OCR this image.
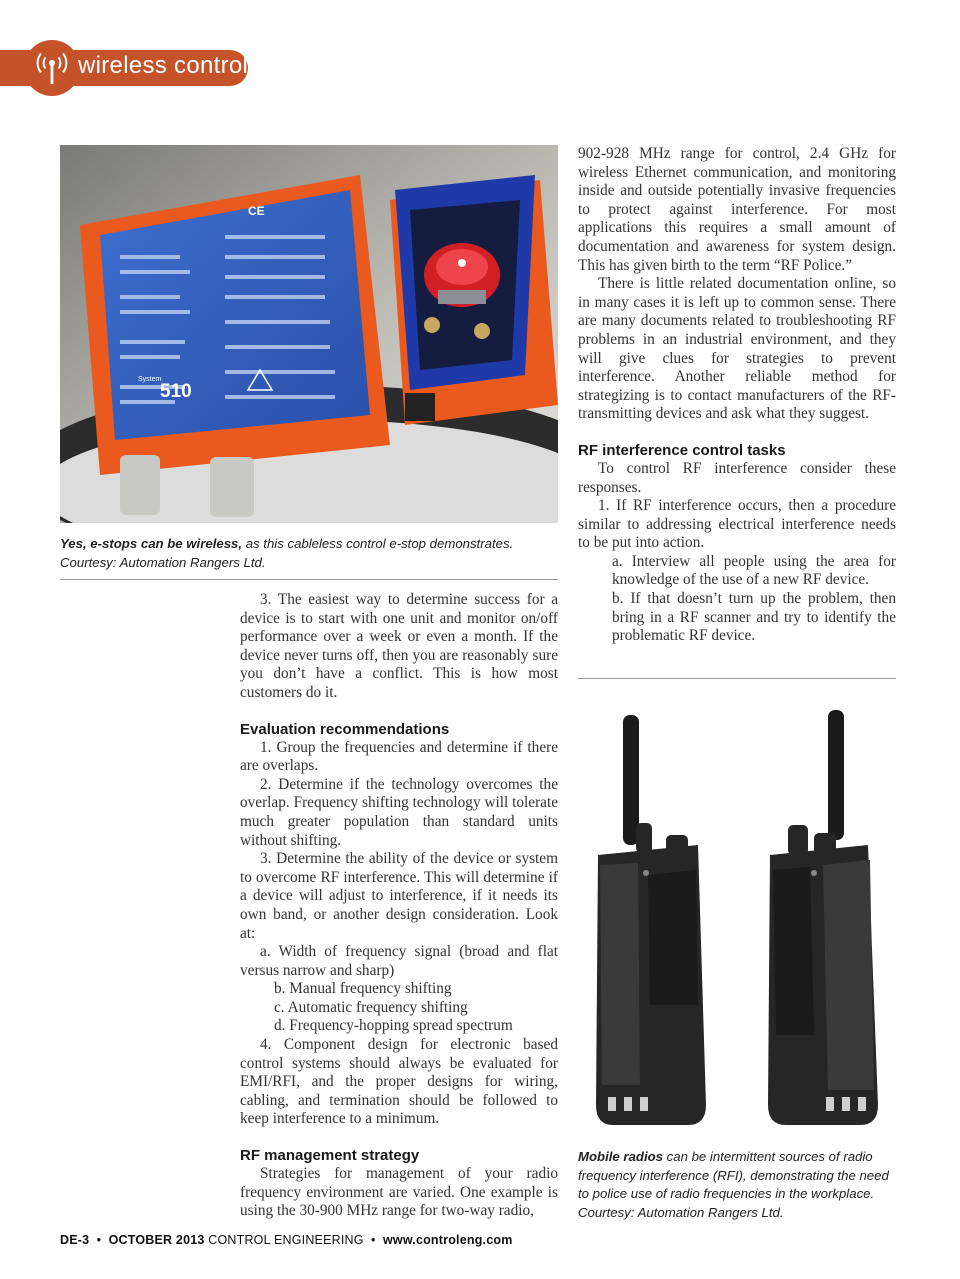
wireless control
510
System
CE
Yes, e-stops can be wireless, as this cableless control e-stop demonstrates. Courtesy: Automation Rangers Ltd.

3. The easiest way to determine success for a device is to start with one unit and monitor on/off performance over a week or even a month. If the device never turns off, then you are reasonably sure you don’t have a conflict. This is how most customers do it.

Evaluation recommendations

1. Group the frequencies and determine if there are overlaps.

2. Determine if the technology overcomes the overlap. Frequency shifting technology will tolerate much greater population than standard units without shifting.

3. Determine the ability of the device or system to overcome RF interference. This will determine if a device will adjust to interference, if it needs its own band, or another design consideration. Look at:

a. Width of frequency signal (broad and flat versus narrow and sharp)

b. Manual frequency shifting

c. Automatic frequency shifting

d. Frequency-hopping spread spectrum

4. Component design for electronic based control systems should always be evaluated for EMI/RFI, and the proper designs for wiring, cabling, and termination should be followed to keep interference to a minimum.

RF management strategy

Strategies for management of your radio frequency environment are varied. One example is using the 30-900 MHz range for two-way radio,

902-928 MHz range for control, 2.4 GHz for wireless Ethernet communication, and monitoring inside and outside potentially invasive frequencies to protect against interference. For most applications this requires a small amount of documentation and awareness for system design. This has given birth to the term “RF Police.”

There is little related documentation online, so in many cases it is left up to common sense. There are many documents related to troubleshooting RF problems in an industrial environment, and they will give clues for strategies to prevent interference. Another reliable method for strategizing is to contact manufacturers of the RF-transmitting devices and ask what they suggest.

RF interference control tasks

To control RF interference consider these responses.

1. If RF interference occurs, then a procedure similar to addressing electrical interference needs to be put into action.

a. Interview all people using the area for knowledge of the use of a new RF device.

b. If that doesn’t turn up the problem, then bring in a RF scanner and try to identify the problematic RF device.

Mobile radios can be intermittent sources of radio frequency interference (RFI), demonstrating the need to police use of radio frequencies in the workplace. Courtesy: Automation Rangers Ltd.
DE-3 • OCTOBER 2013 CONTROL ENGINEERING • www.controleng.com
